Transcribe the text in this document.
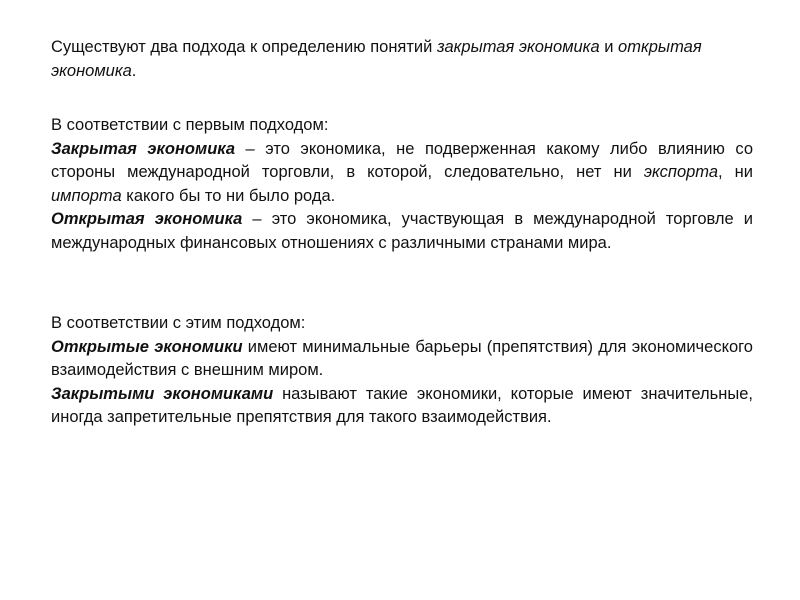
Существуют два подхода к определению понятий закрытая экономика и открытая экономика.

В соответствии с первым подходом:

Закрытая экономика – это экономика, не подверженная какому либо влиянию со стороны международной торговли, в которой, следовательно, нет ни экспорта, ни импорта какого бы то ни было рода.

Открытая экономика – это экономика, участвующая в международной торговле и международных финансовых отношениях с различными странами мира.

В соответствии с этим подходом:

Открытые экономики имеют минимальные барьеры (препятствия) для экономического взаимодействия с внешним миром.

Закрытыми экономиками называют такие экономики, которые имеют значительные, иногда запретительные препятствия для такого взаимодействия.
